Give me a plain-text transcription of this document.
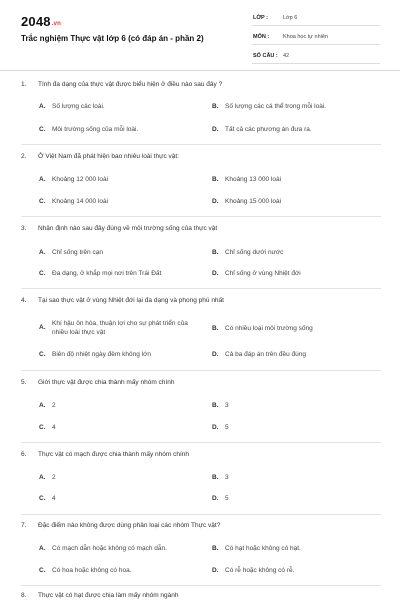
2048.vn
Trắc nghiệm Thực vật lớp 6 (có đáp án - phần 2)
LỚP :	Lớp 6
MÔN :	Khoa học tự nhiên
SỐ CÂU : 42
1. Tính đa dạng của thực vật được biểu hiện ở điều nào sau đây ?
A. Số lượng các loài.	B. Số lượng các cá thể trong mỗi loài.
C. Môi trường sống của mỗi loài.	D. Tất cả các phương án đưa ra.
2. Ở Việt Nam đã phát hiện bao nhiêu loài thực vật:
A. Khoảng 12 000 loài	B. Khoảng 13 000 loài
C. Khoảng 14 000 loài	D. Khoảng 15 000 loài
3. Nhận định nào sau đây đúng về môi trường sống của thực vật
A. Chỉ sống trên cạn	B. Chỉ sống dưới nước
C. Đa dạng, ở khắp mọi nơi trên Trái Đất	D. Chỉ sống ở vùng Nhiệt đới
4. Tại sao thực vật ở vùng Nhiệt đới lại đa dạng và phong phú nhất
A.
Khí hậu ôn hòa, thuận lợi cho sự phát triển của nhiều loài thực vật
B. Có nhiều loại môi trường sống
C. Biên độ nhiệt ngày đêm không lớn	D. Cả ba đáp án trên đều đúng
5. Giới thực vật được chia thành mấy nhóm chính
A. 2	B. 3
C. 4	D. 5
6. Thực vật có mạch được chia thành mấy nhóm chính
A. 2	B. 3
C. 4	D. 5
7. Đặc điểm nào không được dùng phân loại các nhóm Thực vật?
A. Có mạch dẫn hoặc không có mạch dẫn.	B. Có hạt hoặc không có hạt.
C. Có hoa hoặc không có hoa.	D. Có rễ hoặc không có rễ.
8. Thực vật có hạt được chia làm mấy nhóm ngành
